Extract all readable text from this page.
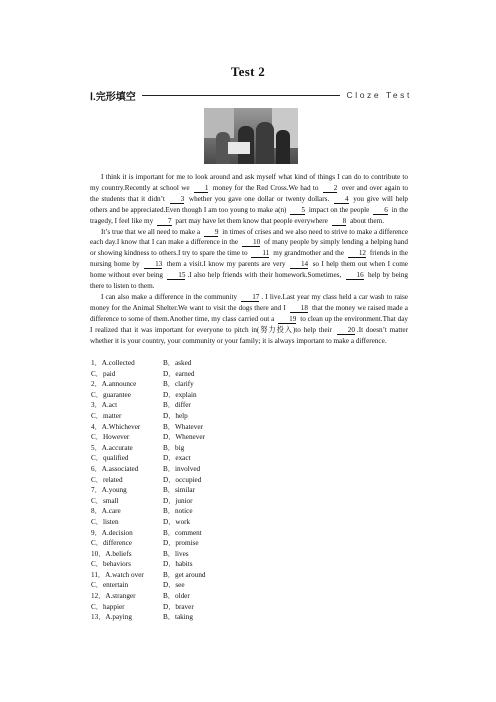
Test 2
Ⅰ.完形填空	Cloze Test

I think it is important for me to look around and ask myself what kind of things I can do to contribute to my country.Recently at school we 1 money for the Red Cross.We had to 2 over and over again to the students that it didn’t 3 whether you gave one dollar or twenty dollars. 4 you give will help others and be appreciated.Even though I am too young to make a(n) 5 impact on the people 6 in the tragedy, I feel like my 7 part may have let them know that people everywhere 8 about them.

It’s true that we all need to make a 9 in times of crises and we also need to strive to make a difference each day.I know that I can make a difference in the 10 of many people by simply lending a helping hand or showing kindness to others.I try to spare the time to 11 my grandmother and the 12 friends in the nursing home by 13 them a visit.I know my parents are very 14 so I help them out when I come home without ever being 15 .I also help friends with their homework.Sometimes, 16 help by being there to listen to them.

I can also make a difference in the community 17 . I live.Last year my class held a car wash to raise money for the Animal Shelter.We want to visit the dogs there and I 18 that the money we raised made a difference to some of them.Another time, my class carried out a 19 to clean up the environment.That day I realized that it was important for everyone to pitch in(努力投入)to help their 20 .It doesn’t matter whether it is your country, your community or your family; it is always important to make a difference.

1．A.collected	B．asked
C．paid	D．earned
2．A.announce	B．clarify
C．guarantee	D．explain
3．A.act	B．differ
C．matter	D．help
4．A.Whichever	B．Whatever
C．However	D．Whenever
5．A.accurate	B．big
C．qualified	D．exact
6．A.associated	B．involved
C．related	D．occupied
7．A.young	B．similar
C．small	D．junior
8．A.care	B．notice
C．listen	D．work
9．A.decision	B．comment
C．difference	D．promise
10．A.beliefs	B．lives
C．behaviors	D．habits
11．A.watch over	B．get around
C．entertain	D．see
12．A.stranger	B．older
C．happier	D．braver
13．A.paying	B．taking
